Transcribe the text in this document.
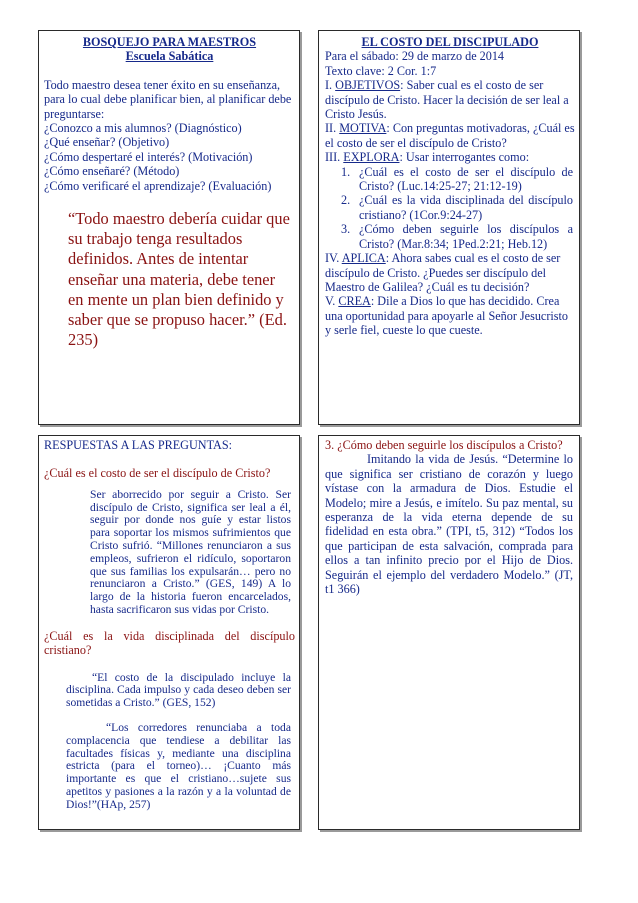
BOSQUEJO PARA MAESTROS

Escuela Sabática

Todo maestro desea tener éxito en su enseñanza, para lo cual debe planificar bien, al planificar debe preguntarse:

¿Conozco a mis alumnos? (Diagnóstico)

¿Qué enseñar? (Objetivo)

¿Cómo despertaré el interés? (Motivación)

¿Cómo enseñaré? (Método)

¿Cómo verificaré el aprendizaje? (Evaluación)

“Todo maestro debería cuidar que su trabajo tenga resultados definidos. Antes de intentar enseñar una materia, debe tener en mente un plan bien definido y saber que se propuso hacer.” (Ed. 235)

EL COSTO DEL DISCIPULADO

Para el sábado: 29 de marzo de 2014

Texto clave: 2 Cor. 1:7

I. OBJETIVOS: Saber cual es el costo de ser discípulo de Cristo. Hacer la decisión de ser leal a Cristo Jesús.

II. MOTIVA: Con preguntas motivadoras, ¿Cuál es el costo de ser el discípulo de Cristo?

III. EXPLORA: Usar interrogantes como:

1. ¿Cuál es el costo de ser el discípulo de Cristo? (Luc.14:25-27; 21:12-19)
2. ¿Cuál es la vida disciplinada del discípulo cristiano? (1Cor.9:24-27)
3. ¿Cómo deben seguirle los discípulos a Cristo? (Mar.8:34; 1Ped.2:21; Heb.12)

IV. APLICA: Ahora sabes cual es el costo de ser discípulo de Cristo. ¿Puedes ser discípulo del Maestro de Galilea? ¿Cuál es tu decisión?

V. CREA: Dile a Dios lo que has decidido. Crea una oportunidad para apoyarle al Señor Jesucristo y serle fiel, cueste lo que cueste.

RESPUESTAS A LAS PREGUNTAS:

¿Cuál es el costo de ser el discípulo de Cristo?

Ser aborrecido por seguir a Cristo. Ser discípulo de Cristo, significa ser leal a él, seguir por donde nos guíe y estar listos para soportar los mismos sufrimientos que Cristo sufrió. “Millones renunciaron a sus empleos, sufrieron el ridículo, soportaron que sus familias los expulsarán… pero no renunciaron a Cristo.” (GES, 149) A lo largo de la historia fueron encarcelados, hasta sacrificaron sus vidas por Cristo.

¿Cuál es la vida disciplinada del discípulo cristiano?

“El costo de la discipulado incluye la disciplina. Cada impulso y cada deseo deben ser sometidas a Cristo.” (GES, 152)

“Los corredores renunciaba a toda complacencia que tendiese a debilitar las facultades físicas y, mediante una disciplina estricta (para el torneo)… ¡Cuanto más importante es que el cristiano…sujete sus apetitos y pasiones a la razón y a la voluntad de Dios!”(HAp, 257)

3. ¿Cómo deben seguirle los discípulos a Cristo?

Imitando la vida de Jesús. “Determine lo que significa ser cristiano de corazón y luego vístase con la armadura de Dios. Estudie el Modelo; mire a Jesús, e imítelo. Su paz mental, su esperanza de la vida eterna depende de su fidelidad en esta obra.” (TPI, t5, 312) “Todos los que participan de esta salvación, comprada para ellos a tan infinito precio por el Hijo de Dios. Seguirán el ejemplo del verdadero Modelo.” (JT, t1 366)
